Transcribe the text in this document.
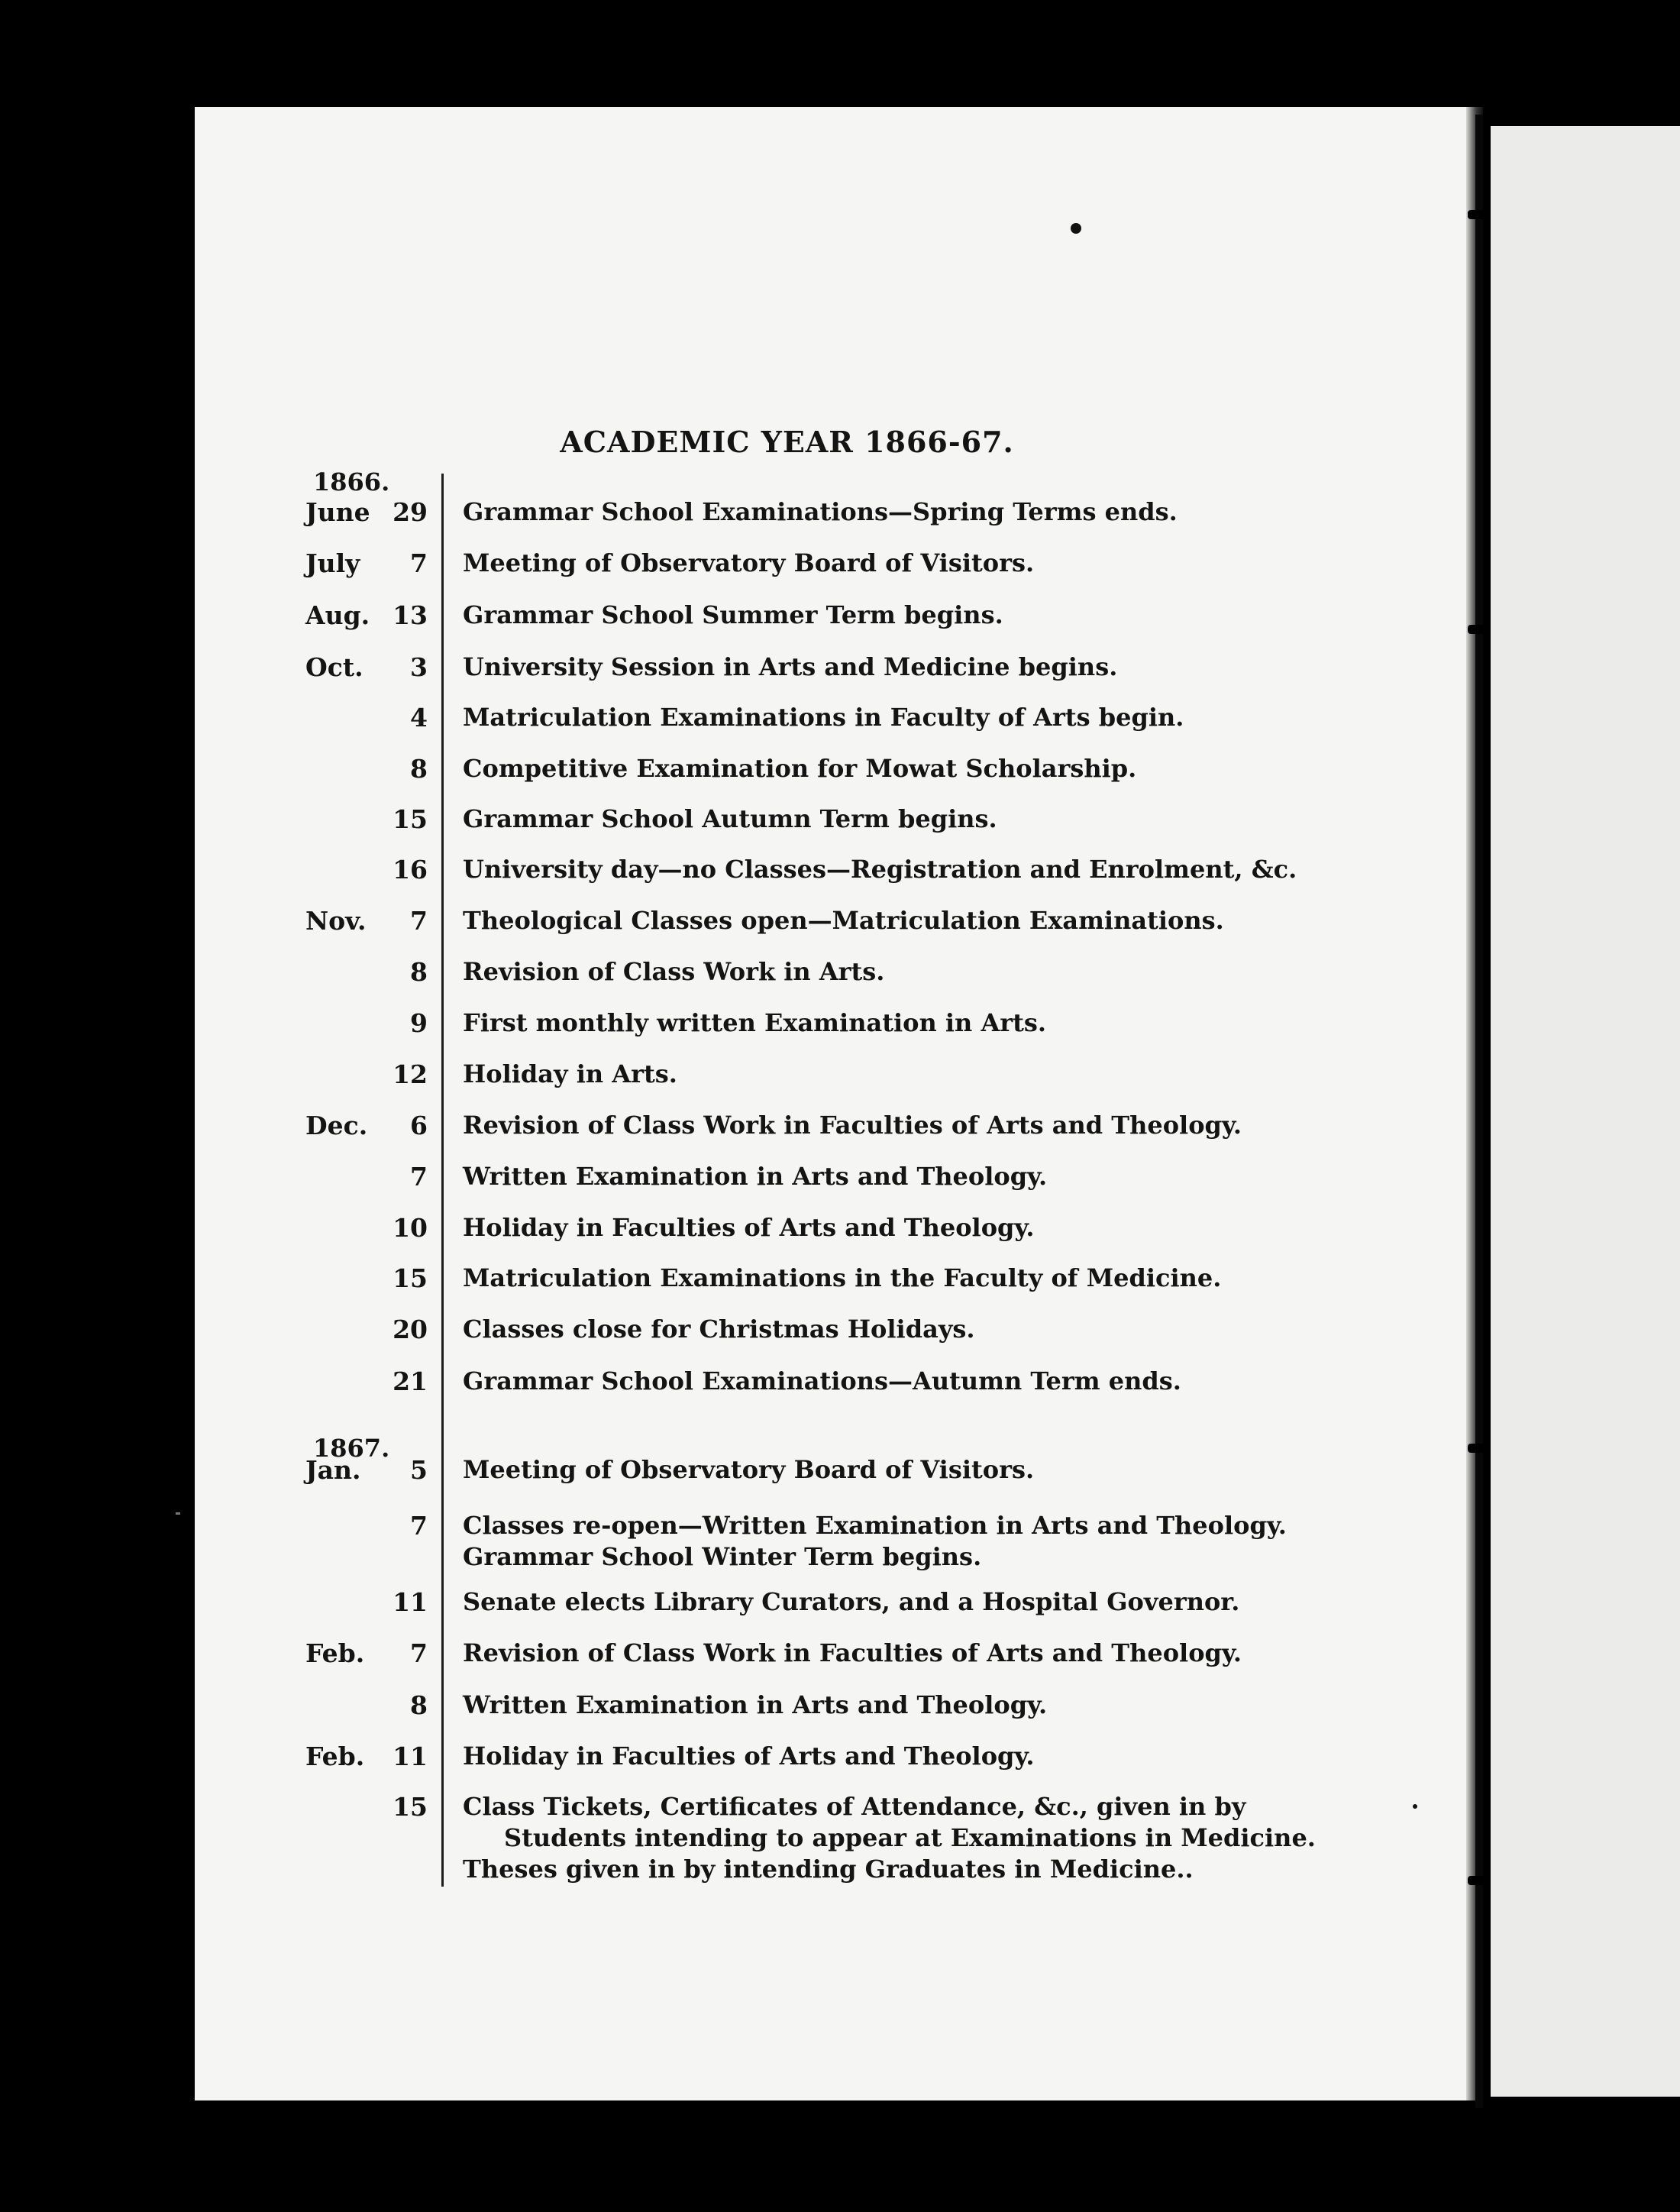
ACADEMIC YEAR 1866-67.
1866.
1867.
June 29 Grammar School Examinations—Spring Terms ends.
July	7 Meeting of Observatory Board of Visitors.
Aug. 13 Grammar School Summer Term begins.
Oct.	3 University Session in Arts and Medicine begins.
4 Matriculation Examinations in Faculty of Arts begin.
8 Competitive Examination for Mowat Scholarship.
15 Grammar School Autumn Term begins.
16 University day—no Classes—Registration and Enrolment, &c.
Nov.	7 Theological Classes open—Matriculation Examinations.
8 Revision of Class Work in Arts.
9 First monthly written Examination in Arts.
12 Holiday in Arts.
Dec.	6 Revision of Class Work in Faculties of Arts and Theology.
7 Written Examination in Arts and Theology.
10 Holiday in Faculties of Arts and Theology.
15 Matriculation Examinations in the Faculty of Medicine.
20 Classes close for Christmas Holidays.
21 Grammar School Examinations—Autumn Term ends.
Jan.	5 Meeting of Observatory Board of Visitors.
7 Classes re-open—Written Examination in Arts and Theology.
Grammar School Winter Term begins.
11 Senate elects Library Curators, and a Hospital Governor.
Feb.	7 Revision of Class Work in Faculties of Arts and Theology.
8 Written Examination in Arts and Theology.
Feb.	11 Holiday in Faculties of Arts and Theology.
15 Class Tickets, Certificates of Attendance, &c., given in by
Students intending to appear at Examinations in Medicine.
Theses given in by intending Graduates in Medicine..
